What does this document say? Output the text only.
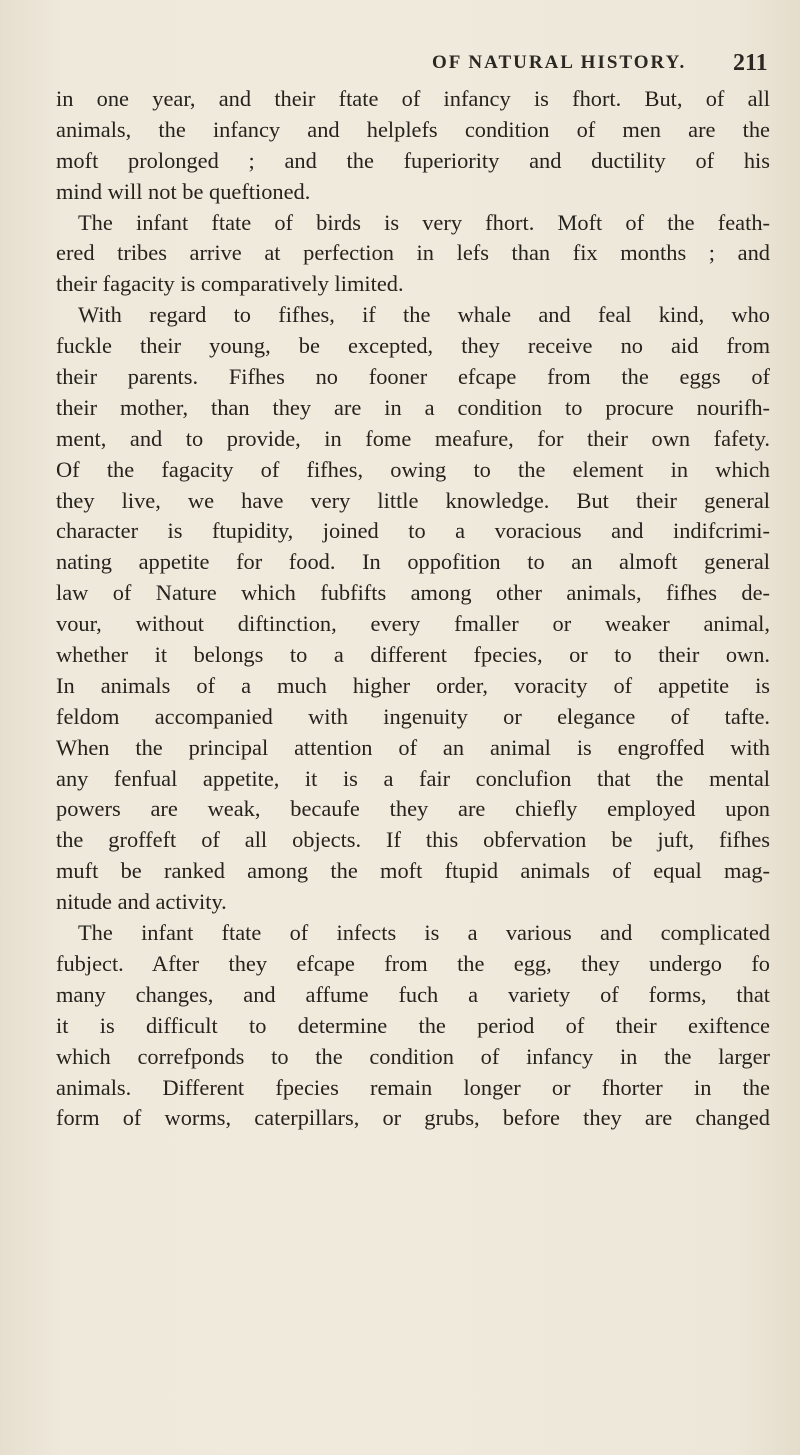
OF NATURAL HISTORY. 211
in one year, and their ftate of infancy is fhort. But, of all
animals, the infancy and helplefs condition of men are the
moft prolonged ; and the fuperiority and ductility of his
mind will not be queftioned.
The infant ftate of birds is very fhort. Moft of the feath-
ered tribes arrive at perfection in lefs than fix months ; and
their fagacity is comparatively limited.
With regard to fifhes, if the whale and feal kind, who
fuckle their young, be excepted, they receive no aid from
their parents. Fifhes no fooner efcape from the eggs of
their mother, than they are in a condition to procure nourifh-
ment, and to provide, in fome meafure, for their own fafety.
Of the fagacity of fifhes, owing to the element in which
they live, we have very little knowledge. But their general
character is ftupidity, joined to a voracious and indifcrimi-
nating appetite for food. In oppofition to an almoft general
law of Nature which fubfifts among other animals, fifhes de-
vour, without diftinction, every fmaller or weaker animal,
whether it belongs to a different fpecies, or to their own.
In animals of a much higher order, voracity of appetite is
feldom accompanied with ingenuity or elegance of tafte.
When the principal attention of an animal is engroffed with
any fenfual appetite, it is a fair conclufion that the mental
powers are weak, becaufe they are chiefly employed upon
the groffeft of all objects. If this obfervation be juft, fifhes
muft be ranked among the moft ftupid animals of equal mag-
nitude and activity.
The infant ftate of infects is a various and complicated
fubject. After they efcape from the egg, they undergo fo
many changes, and affume fuch a variety of forms, that
it is difficult to determine the period of their exiftence
which correfponds to the condition of infancy in the larger
animals. Different fpecies remain longer or fhorter in the
form of worms, caterpillars, or grubs, before they are changed
